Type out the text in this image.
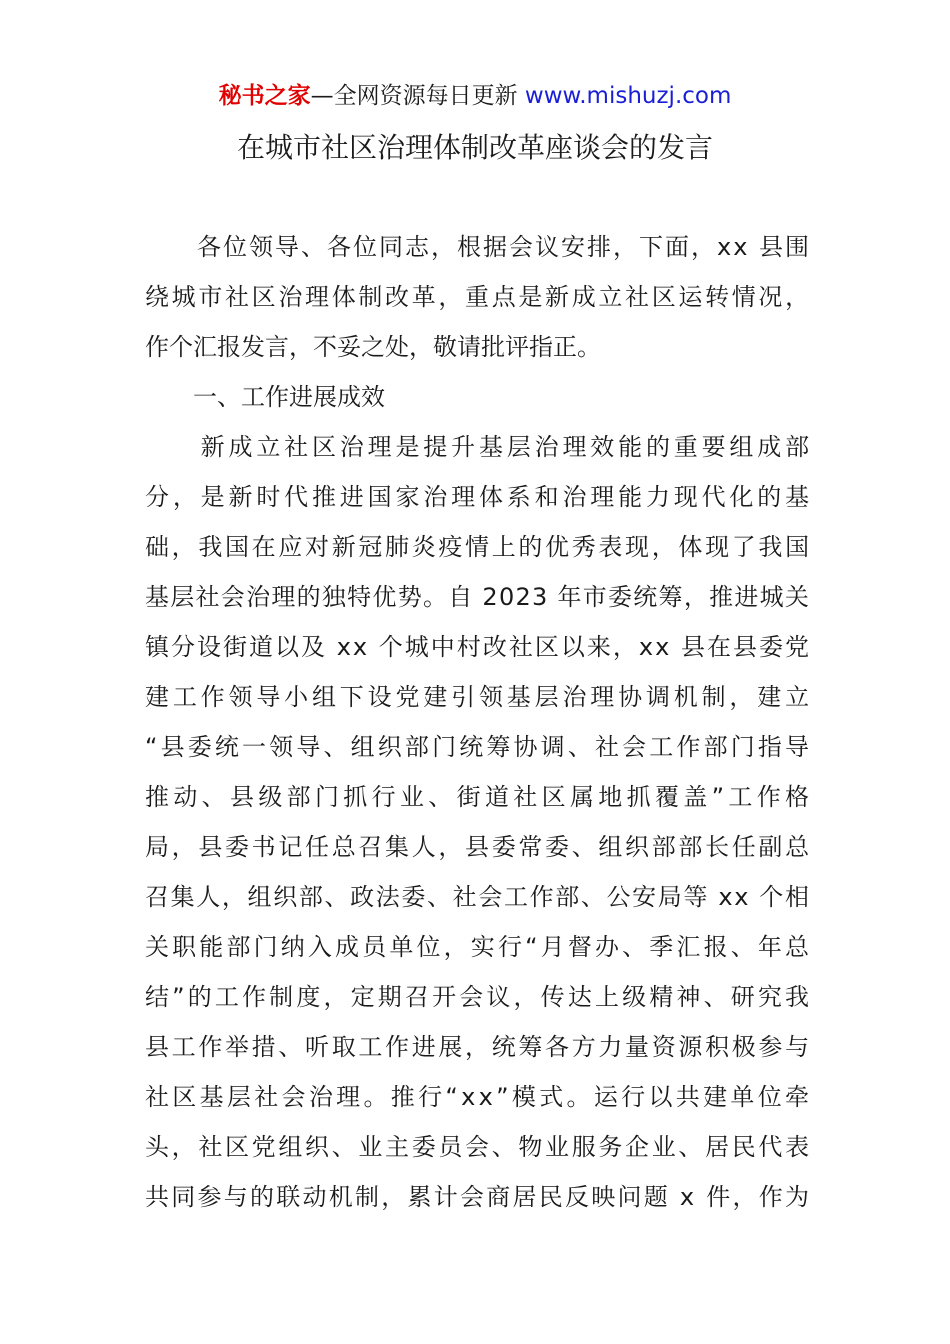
秘书之家—全网资源每日更新 www.mishuzj.com
在城市社区治理体制改革座谈会的发言
　　各位领导、各位同志，根据会议安排，下面，xx 县围
绕城市社区治理体制改革，重点是新成立社区运转情况，
作个汇报发言，不妥之处，敬请批评指正。
　　一、工作进展成效
　　新成立社区治理是提升基层治理效能的重要组成部
分，是新时代推进国家治理体系和治理能力现代化的基
础，我国在应对新冠肺炎疫情上的优秀表现，体现了我国
基层社会治理的独特优势。自 2023 年市委统筹，推进城关
镇分设街道以及 xx 个城中村改社区以来，xx 县在县委党
建工作领导小组下设党建引领基层治理协调机制，建立
“县委统一领导、组织部门统筹协调、社会工作部门指导
推动、县级部门抓行业、街道社区属地抓覆盖”工作格
局，县委书记任总召集人，县委常委、组织部部长任副总
召集人，组织部、政法委、社会工作部、公安局等 xx 个相
关职能部门纳入成员单位，实行“月督办、季汇报、年总
结”的工作制度，定期召开会议，传达上级精神、研究我
县工作举措、听取工作进展，统筹各方力量资源积极参与
社区基层社会治理。推行“xx”模式。运行以共建单位牵
头，社区党组织、业主委员会、物业服务企业、居民代表
共同参与的联动机制，累计会商居民反映问题 x 件，作为
